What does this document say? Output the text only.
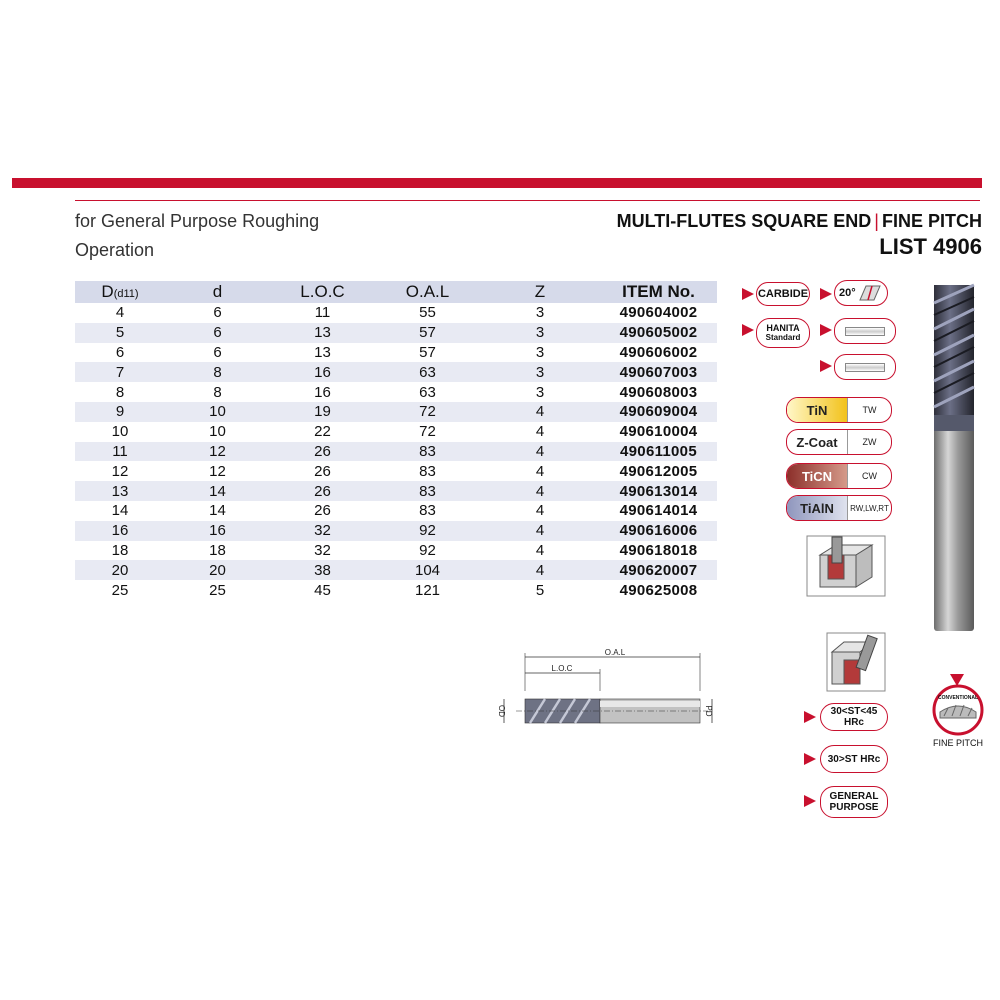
for General Purpose Roughing
Operation
MULTI-FLUTES SQUARE END | FINE PITCH
LIST 4906
D(d11)	d	L.O.C	O.A.L	Z	ITEM No.
4	6	11	55	3	490604002
5	6	13	57	3	490605002
6	6	13	57	3	490606002
7	8	16	63	3	490607003
8	8	16	63	3	490608003
9	10	19	72	4	490609004
10	10	22	72	4	490610004
11	12	26	83	4	490611005
12	12	26	83	4	490612005
13	14	26	83	4	490613014
14	14	26	83	4	490614014
16	16	32	92	4	490616006
18	18	32	92	4	490618018
20	20	38	104	4	490620007
25	25	45	121	5	490625008
CARBIDE	20°
HANITA
Standard
TiN	TW
Z-Coat	ZW
TiCN	CW
TiAlN	RW,LW,RT
30<ST<45 HRc
30>ST HRc
GENERAL
PURPOSE
CONVENTIONAL
FINE PITCH
O.A.L
L.O.C
OD	PD
